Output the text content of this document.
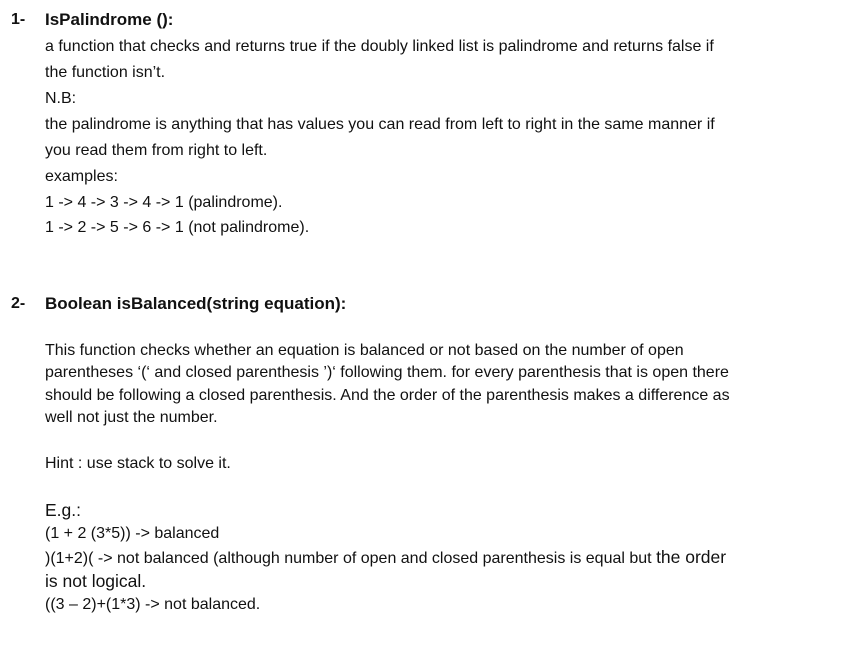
1- IsPalindrome ():
a function that checks and returns true if the doubly linked list is palindrome and returns false if
the function isn’t.
N.B:
the palindrome is anything that has values you can read from left to right in the same manner if
you read them from right to left.
examples:
1 -> 4 -> 3 -> 4 -> 1 (palindrome).
1 -> 2 -> 5 -> 6 -> 1 (not palindrome).
2- Boolean isBalanced(string equation):
This function checks whether an equation is balanced or not based on the number of open
parentheses ‘(‘ and closed parenthesis ’)‘ following them. for every parenthesis that is open there
should be following a closed parenthesis. And the order of the parenthesis makes a difference as
well not just the number.
Hint : use stack to solve it.
E.g.:
(1 + 2 (3*5)) -> balanced
)(1+2)( -> not balanced (although number of open and closed parenthesis is equal but the order
is not logical.
((3 – 2)+(1*3) -> not balanced.
